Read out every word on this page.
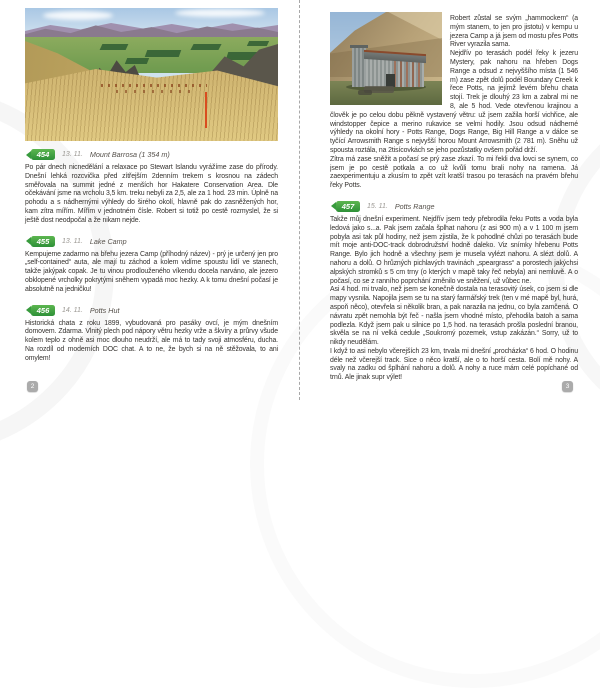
454	13. 11. Mount Barrosa (1 354 m)

Po pár dnech nicnedělání a relaxace po Stewart Islandu vyrážíme zase do přírody. Dnešní lehká rozcvička před zítřejším 2denním trekem s krosnou na zádech směřovala na summit jedné z menších hor Hakatere Conservation Area. Dle očekávání jsme na vrcholu 3,5 km. treku nebyli za 2,5, ale za 1 hod. 23 min. Úplně na pohodu a s nádhernými výhledy do širého okolí, hlavně pak do zasněžených hor, kam zítra mířím. Mířím v jednotném čísle. Robert si totiž po cestě rozmyslel, že si ještě dost neodpočal a že nikam nejde.

455	13. 11. Lake Camp

Kempujeme zadarmo na břehu jezera Camp (příhodný název) - prý je určený jen pro „self-contained“ auta, ale mají tu záchod a kolem vidíme spoustu lidí ve stanech, takže jakýpak copak. Je tu vinou prodlouženého víkendu docela narváno, ale jezero obklopené vrcholky pokrytými sněhem vypadá moc hezky. A k tomu dnešní počasí je absolutně na jedničku!

456	14. 11. Potts Hut

Historická chata z roku 1899, vybudovaná pro pasáky ovcí, je mým dnešním domovem. Zdarma. Vlnitý plech pod nápory větru hezky vrže a škvíry a průrvy všude kolem teplo z ohně asi moc dlouho neudrží, ale má to tady svoji atmosféru, ducha. Na rozdíl od moderních DOC chat. A to ne, že bych si na ně stěžovala, to ani omylem!

Robert zůstal se svým „hammockem“ (a mým stanem, to jen pro jistotu) v kempu u jezera Camp a já jsem od mostu přes Potts River vyrazila sama.

Nejdřív po terasách podél řeky k jezeru Mystery, pak nahoru na hřeben Dogs Range a odsud z nejvyššího místa (1 546 m) zase zpět dolů podél Boundary Creek k řece Potts, na jejímž levém břehu chata stojí. Trek je dlouhý 23 km a zabral mi ne 8, ale 5 hod. Vede otevřenou krajinou a člověk je po celou dobu pěkně vystavený větru: už jsem zažila horší vichřice, ale windstopper čepice a merino rukavice se velmi hodily. Jsou odsud nádherné výhledy na okolní hory - Potts Range, Dogs Range, Big Hill Range a v dálce se tyčící Arrowsmith Range s nejvyšší horou Mount Arrowsmith (2 781 m). Sněhu už spousta roztála, na 2tisícovkách se jeho pozůstatky ovšem pořád drží.

Zítra má zase sněžit a počasí se prý zase zkazí. To mi řekli dva lovci se synem, co jsem je po cestě potkala a co už kvůli tomu brali nohy na ramena. Já zaexperimentuju a zkusím to zpět vzít kratší trasou po terasách na pravém břehu řeky Potts.

457	15. 11. Potts Range

Takže můj dnešní experiment. Nejdřív jsem tedy přebrodila řeku Potts a voda byla ledová jako s...a. Pak jsem začala šplhat nahoru (z asi 900 m) a v 1 100 m jsem pobyla asi tak půl hodiny, než jsem zjistila, že k pohodlné chůzi po terasách bude mít moje anti-DOC-track dobrodružství hodně daleko. Viz snímky hřebenu Potts Range. Bylo jich hodně a všechny jsem je musela vylézt nahoru. A slézt dolů. A nahoru a dolů. O hrůzných pichlavých travinách „speargrass“ a porostech jakýchsi alpských stromků s 5 cm trny (o kterých v mapě taky řeč nebyla) ani nemluvě. A o počasí, co se z ranního poprchání změnilo ve sněžení, už vůbec ne.

Asi 4 hod. mi trvalo, než jsem se konečně dostala na terasovitý úsek, co jsem si dle mapy vysnila. Napojila jsem se tu na starý farmářský trek (ten v mé mapě byl, hurá, aspoň něco), otevřela si několik bran, a pak narazila na jednu, co byla zamčená. O návratu zpět nemohla být řeč - našla jsem vhodné místo, přehodila batoh a sama podlezla. Když jsem pak u silnice po 1,5 hod. na terasách prošla poslední branou, skvěla se na ní velká cedule „Soukromý pozemek, vstup zakázán.“ Sorry, už to nikdy neudělám.

I když to asi nebylo včerejších 23 km, trvala mi dnešní „procházka“ 6 hod. O hodinu déle než včerejší track. Sice o něco kratší, ale o to horší cesta. Bolí mě nohy. A svaly na zadku od šplhání nahoru a dolů. A nohy a ruce mám celé popíchané od trnů. Ale jinak supr výlet!

2	3
